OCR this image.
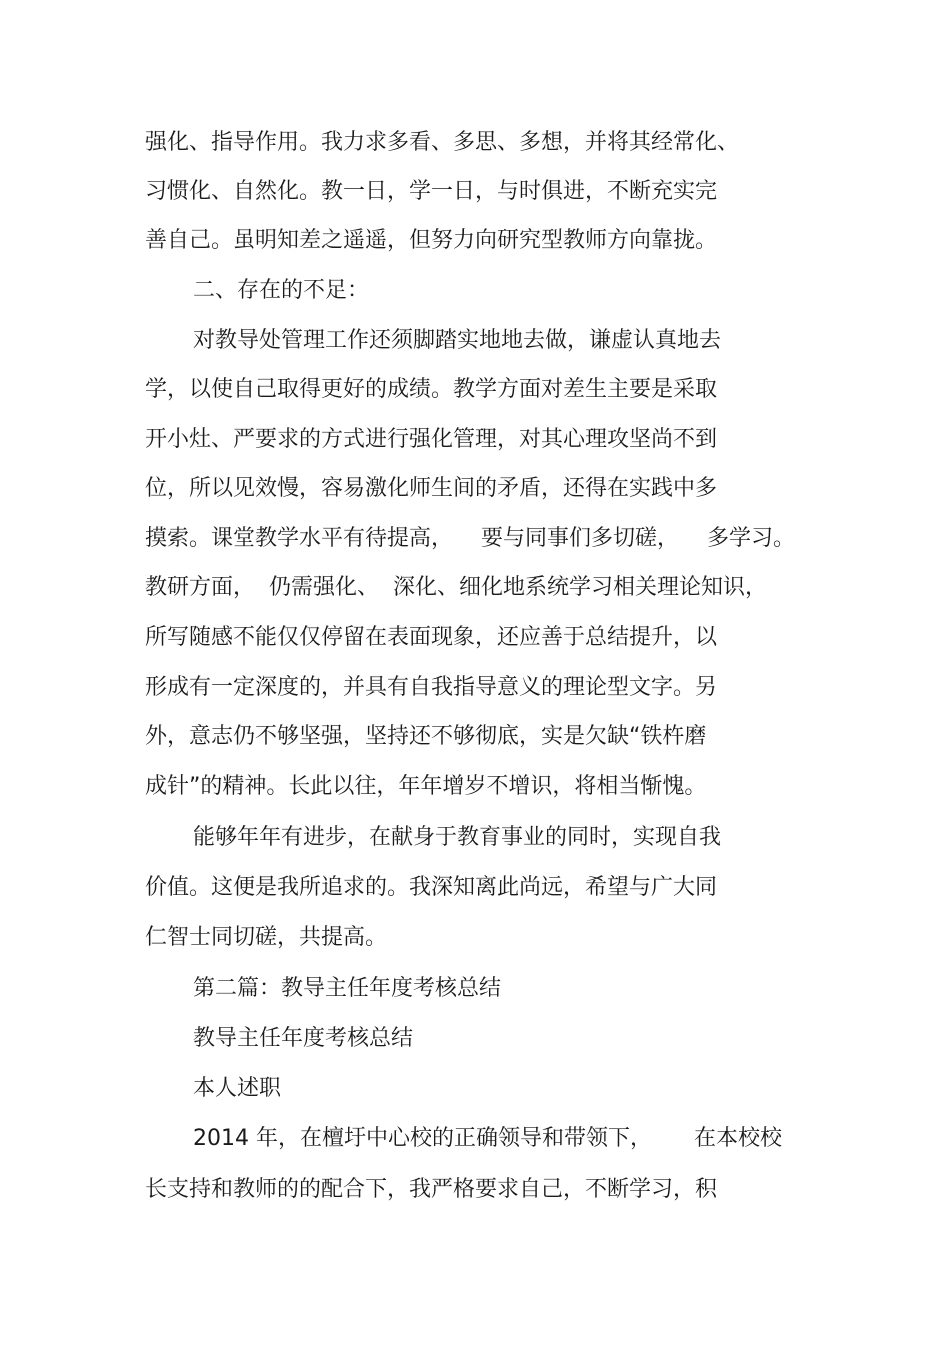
强化、指导作用。我力求多看、多思、多想，并将其经常化、
习惯化、自然化。教一日，学一日，与时俱进，不断充实完
善自己。虽明知差之遥遥，但努力向研究型教师方向靠拢。
二、存在的不足：
对教导处管理工作还须脚踏实地地去做，谦虚认真地去
学，以使自己取得更好的成绩。教学方面对差生主要是采取
开小灶、严要求的方式进行强化管理，对其心理攻坚尚不到
位，所以见效慢，容易激化师生间的矛盾，还得在实践中多
摸索。课堂教学水平有待提高，    要与同事们多切磋，    多学习。
教研方面，  仍需强化、  深化、细化地系统学习相关理论知识，
所写随感不能仅仅停留在表面现象，还应善于总结提升，以
形成有一定深度的，并具有自我指导意义的理论型文字。另
外，意志仍不够坚强，坚持还不够彻底，实是欠缺“铁杵磨
成针”的精神。长此以往，年年增岁不增识，将相当惭愧。
能够年年有进步，在献身于教育事业的同时，实现自我
价值。这便是我所追求的。我深知离此尚远，希望与广大同
仁智士同切磋，共提高。
第二篇：教导主任年度考核总结
教导主任年度考核总结
本人述职
2014 年，在檀圩中心校的正确领导和带领下，      在本校校
长支持和教师的的配合下，我严格要求自己，不断学习，积
